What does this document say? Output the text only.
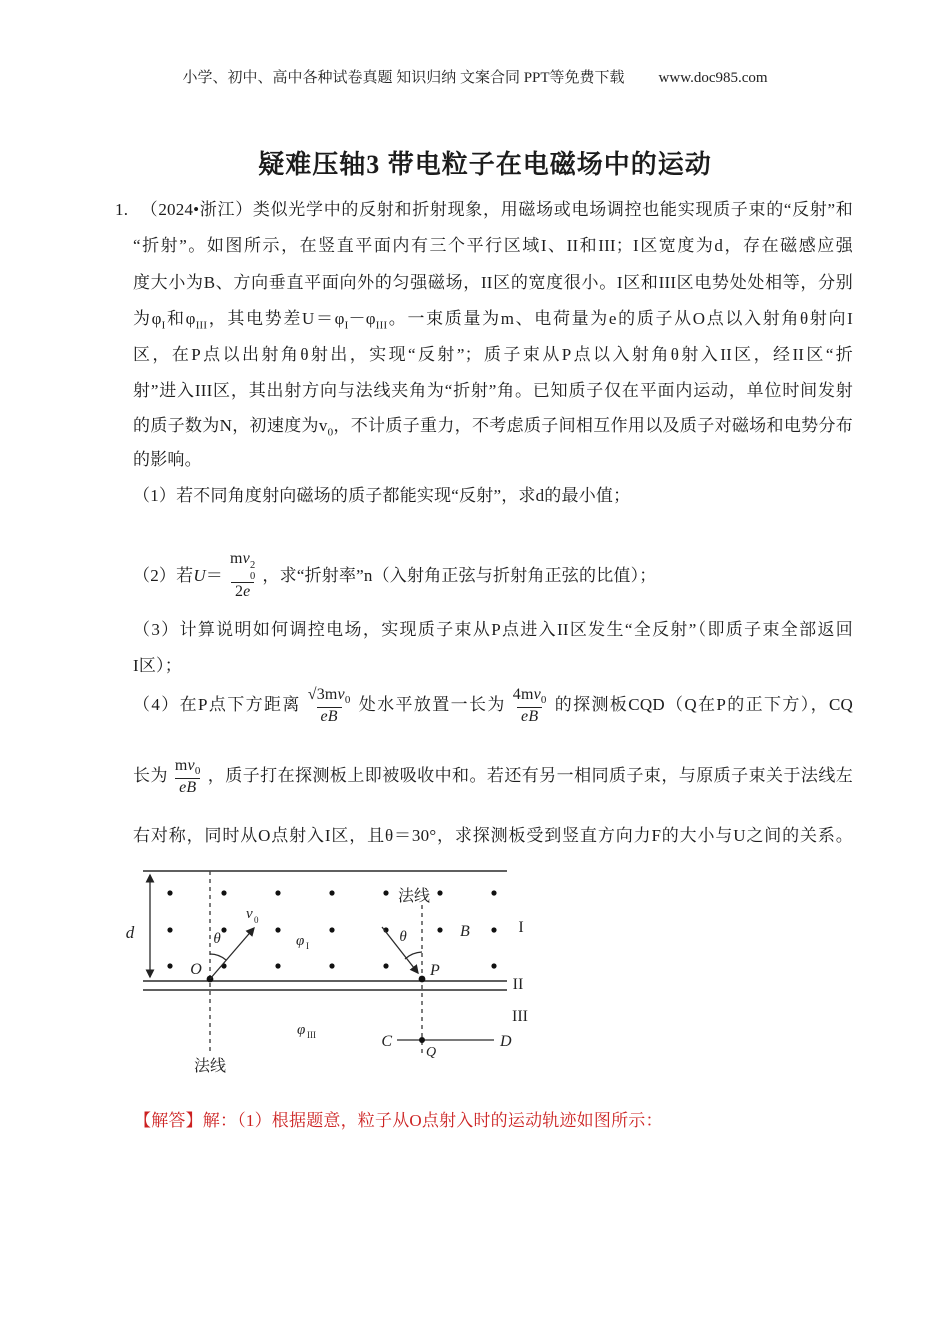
小学、初中、高中各种试卷真题 知识归纳 文案合同 PPT等免费下载 www.doc985.com
疑难压轴3 带电粒子在电磁场中的运动
1. （2024•浙江）类似光学中的反射和折射现象，用磁场或电场调控也能实现质子束的“反射”和
“折射”。如图所示，在竖直平面内有三个平行区域I、II和III；I区宽度为d，存在磁感应强
度大小为B、方向垂直平面向外的匀强磁场，II区的宽度很小。I区和III区电势处处相等，分别
为$\varphi_I$和$\varphi_{III}$，其电势差$U=\varphi_I-\varphi_{III}$。一束质量为m、电荷量为e的质子从O点以入射角θ射向I
区，在P点以出射角θ射出，实现“反射”；质子束从P点以入射角θ射入II区，经II区“折
射”进入III区，其出射方向与法线夹角为“折射”角。已知质子仅在平面内运动，单位时间发射
的质子数为N，初速度为$v_0$，不计质子重力，不考虑质子间相互作用以及质子对磁场和电势分布
的影响。
（1）若不同角度射向磁场的质子都能实现“反射”，求d的最小值；
（2）若 U ＝ mv 2
0
2e ，求“折射率”n（入射角正弦与折射角正弦的比值）；
（3）计算说明如何调控电场，实现质子束从P点进入II区发生“全反射”（即质子束全部返回
I区）；
（4）在P点下方距离 $\frac{√3mv_0}{eB}$ 处水平放置一长为 $\frac{4mv_0}{eB}$ 的探测板CQD（Q在P的正下方），CQ
长为 $\frac{mv_0}{eB}$ ，质子打在探测板上即被吸收中和。若还有另一相同质子束，与原质子束关于法线左
右对称，同时从O点射入I区，且θ＝30°，求探测板受到竖直方向力F的大小与U之间的关系。
d
法线
法线
O
v 0
θ	φ I
P
θ	B	I
II
III
φ III	C
Q
D
【解答】解：（1）根据题意，粒子从O点射入时的运动轨迹如图所示：
